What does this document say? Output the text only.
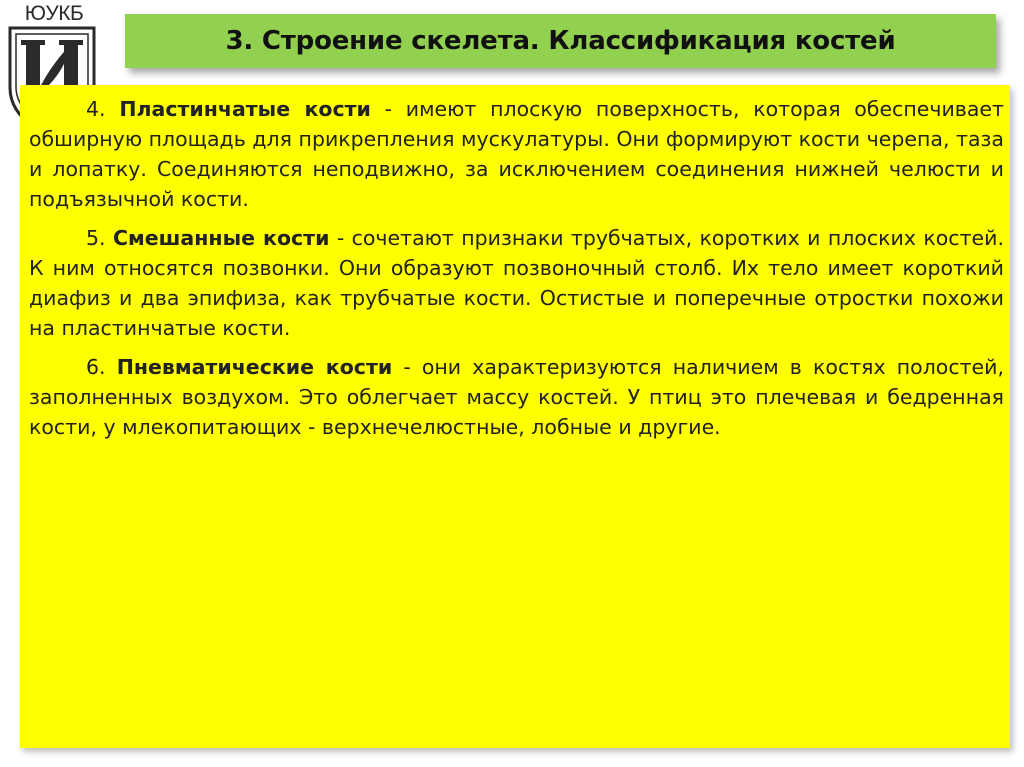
ЮУКБ
3. Строение скелета. Классификация костей

4. Пластинчатые кости - имеют плоскую поверхность, которая обеспечивает обширную площадь для прикрепления мускулатуры. Они формируют кости черепа, таза и лопатку. Соединяются неподвижно, за исключением соединения нижней челюсти и подъязычной кости.

5. Смешанные кости - сочетают признаки трубчатых, коротких и плоских костей. К ним относятся позвонки. Они образуют позвоночный столб. Их тело имеет короткий диафиз и два эпифиза, как трубчатые кости. Остистые и поперечные отростки похожи на пластинчатые кости.

6. Пневматические кости - они характеризуются наличием в костях полостей, заполненных воздухом. Это облегчает массу костей. У птиц это плечевая и бедренная кости, у млекопитающих - верхнечелюстные, лобные и другие.
